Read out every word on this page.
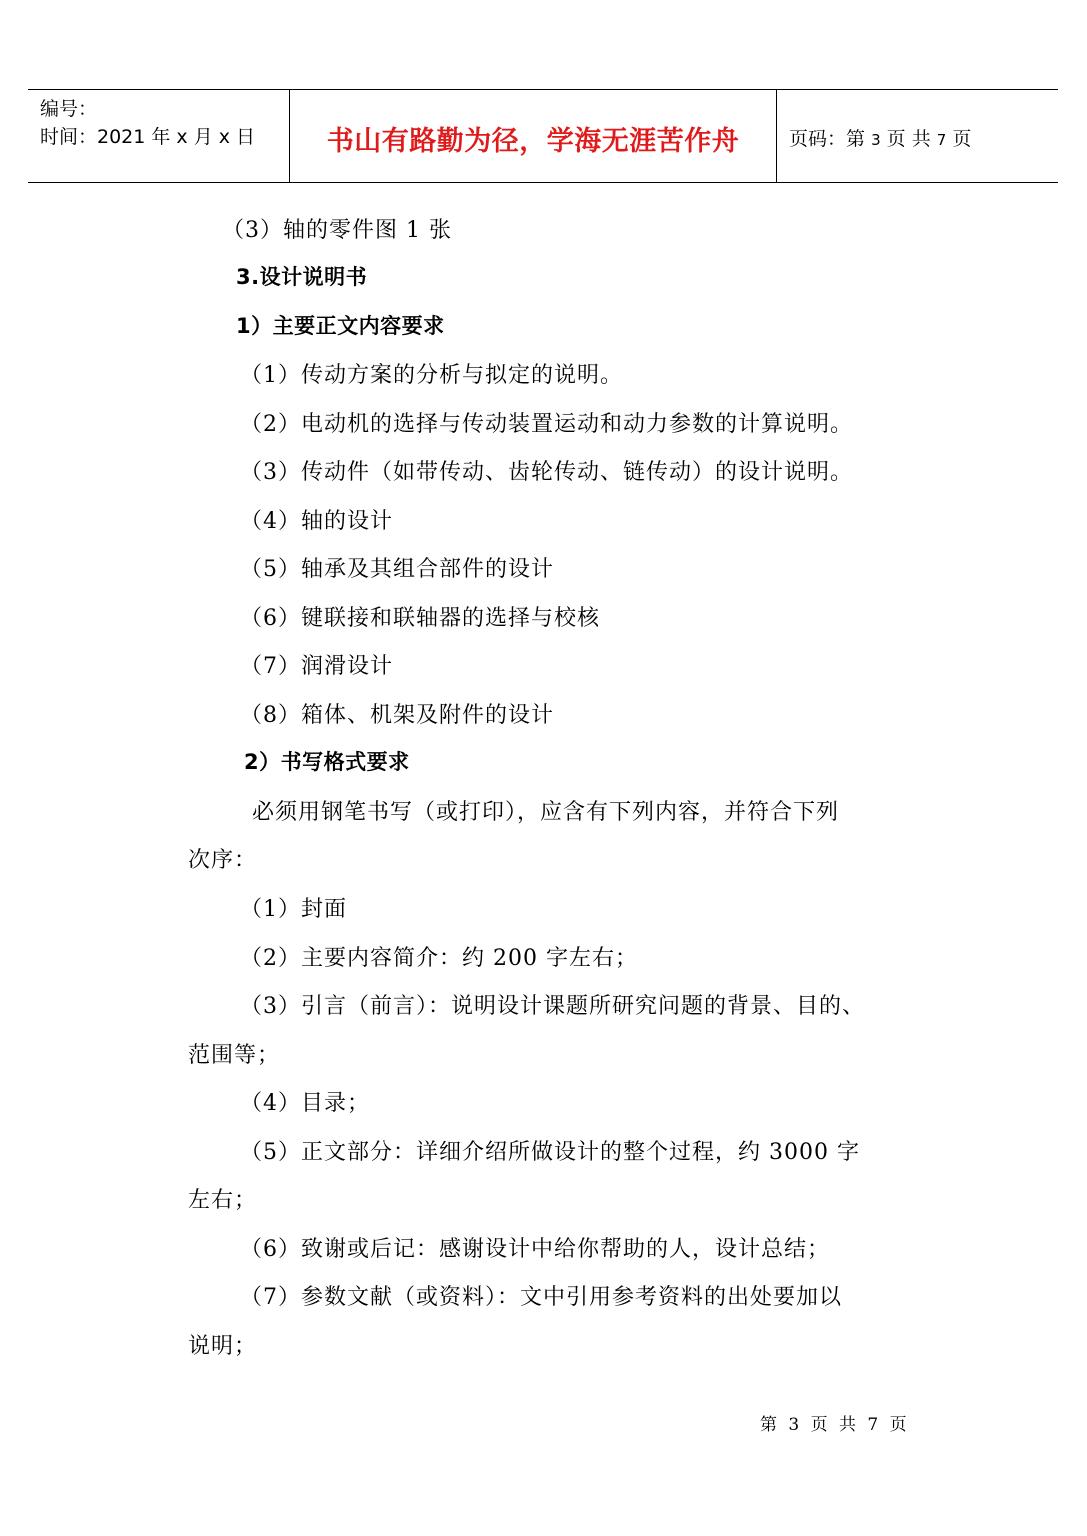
编号：
时间：2021 年 x 月 x 日	书山有路勤为径，学海无涯苦作舟	页码：第 3 页 共 7 页
（3）轴的零件图 1 张
3.设计说明书
1）主要正文内容要求
（1）传动方案的分析与拟定的说明。
（2）电动机的选择与传动装置运动和动力参数的计算说明。
（3）传动件（如带传动、齿轮传动、链传动）的设计说明。
（4）轴的设计
（5）轴承及其组合部件的设计
（6）键联接和联轴器的选择与校核
（7）润滑设计
（8）箱体、机架及附件的设计
2）书写格式要求
必须用钢笔书写（或打印），应含有下列内容，并符合下列
次序：
（1）封面
（2）主要内容简介：约 200 字左右；
（3）引言（前言）：说明设计课题所研究问题的背景、目的、
范围等；
（4）目录；
（5）正文部分：详细介绍所做设计的整个过程，约 3000 字
左右；
（6）致谢或后记：感谢设计中给你帮助的人，设计总结；
（7）参数文献（或资料）：文中引用参考资料的出处要加以
说明；
第 3 页 共 7 页
